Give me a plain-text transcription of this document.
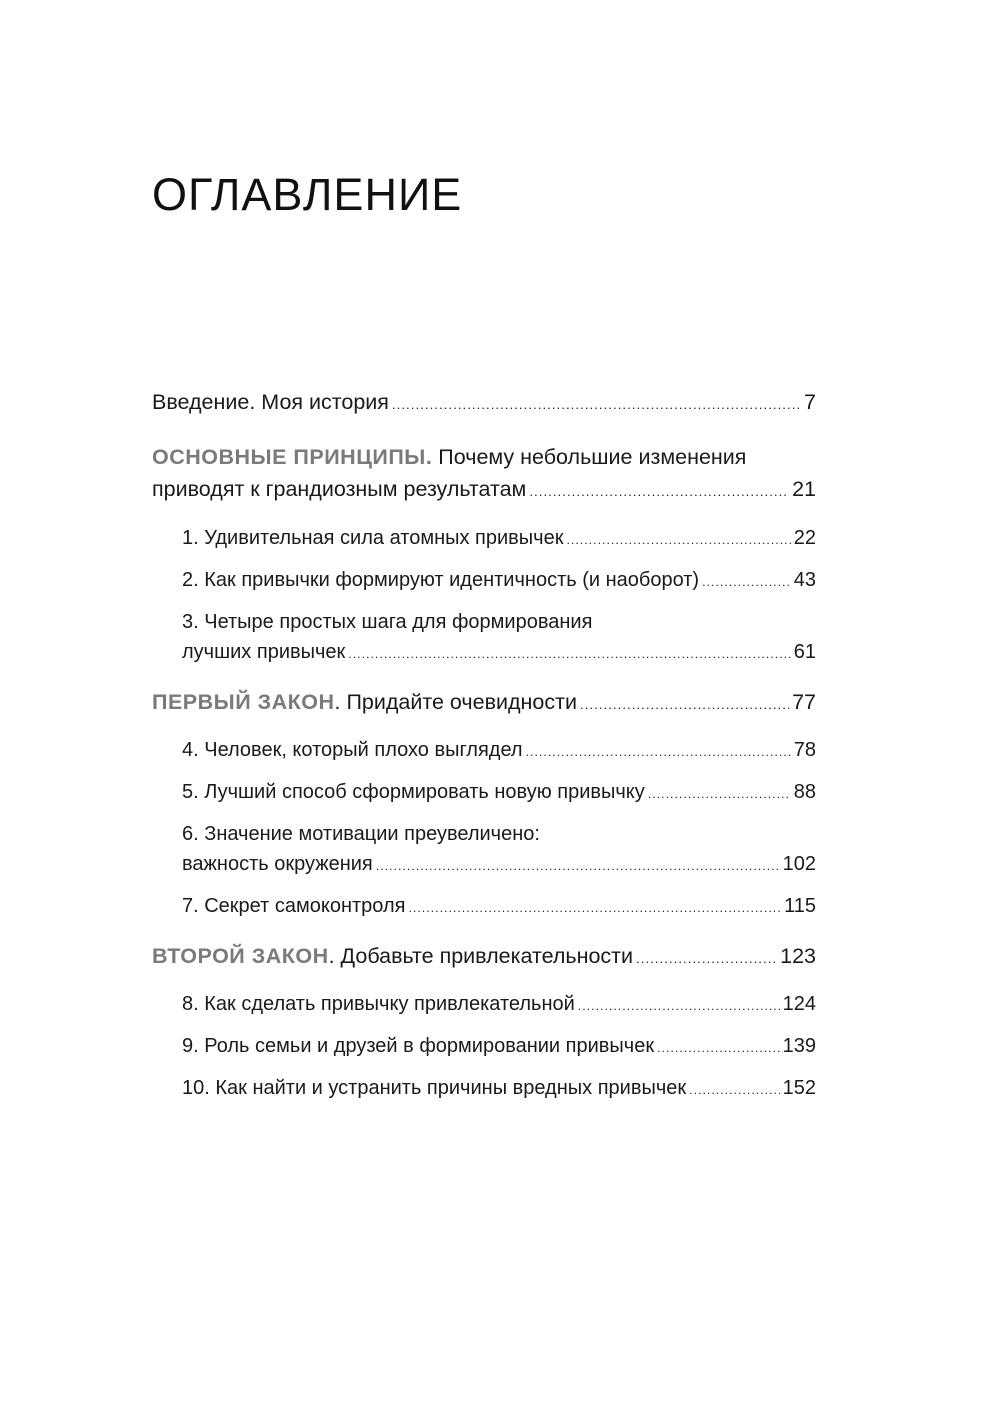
ОГЛАВЛЕНИЕ
Введение. Моя история .....	7
ОСНОВНЫЕ ПРИНЦИПЫ. Почему небольшие изменения
приводят к грандиозным результатам .....	21
1. Удивительная сила атомных привычек .....	22
2. Как привычки формируют идентичность (и наоборот) .....	43
3. Четыре простых шага для формирования
лучших привычек .....	61
ПЕРВЫЙ ЗАКОН. Придайте очевидности .....	77
4. Человек, который плохо выглядел .....	78
5. Лучший способ сформировать новую привычку .....	88
6. Значение мотивации преувеличено:
важность окружения .....	102
7. Секрет самоконтроля .....	115
ВТОРОЙ ЗАКОН. Добавьте привлекательности .....	123
8. Как сделать привычку привлекательной .....	124
9. Роль семьи и друзей в формировании привычек .....	139
10. Как найти и устранить причины вредных привычек .....	152
